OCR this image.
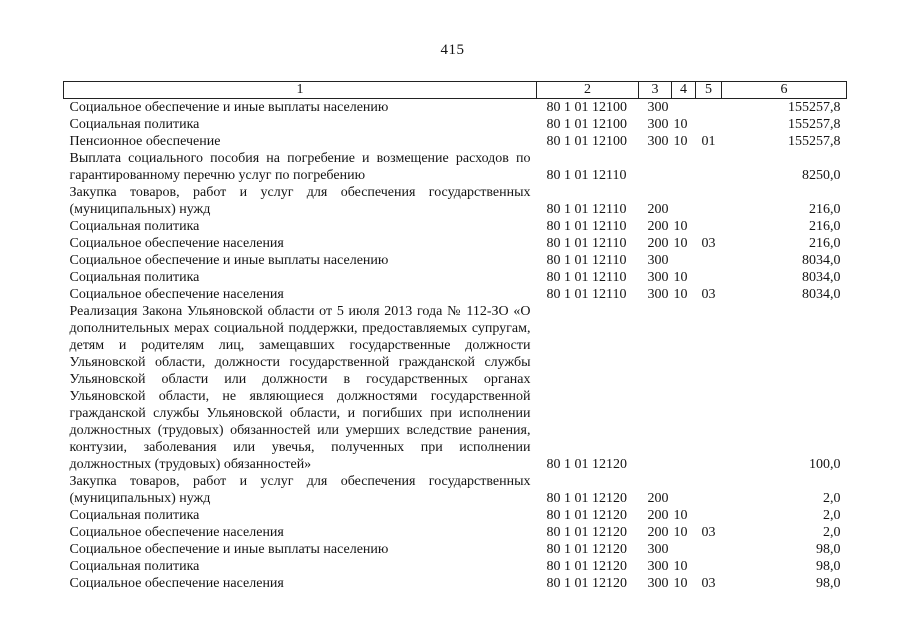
415
1	2	3	4	5	6
Социальное обеспечение и иные выплаты населению	80 1 01 12100	300			155257,8
Социальная политика	80 1 01 12100	300	10		155257,8
Пенсионное обеспечение	80 1 01 12100	300	10	01	155257,8
Выплата социального пособия на погребение и возмещение расходов по гарантированному перечню услуг по погребению	80 1 01 12110				8250,0
Закупка товаров, работ и услуг для обеспечения государственных (муниципальных) нужд	80 1 01 12110	200			216,0
Социальная политика	80 1 01 12110	200	10		216,0
Социальное обеспечение населения	80 1 01 12110	200	10	03	216,0
Социальное обеспечение и иные выплаты населению	80 1 01 12110	300			8034,0
Социальная политика	80 1 01 12110	300	10		8034,0
Социальное обеспечение населения	80 1 01 12110	300	10	03	8034,0
Реализация Закона Ульяновской области от 5 июля 2013 года № 112-ЗО «О дополнительных мерах социальной поддержки, предоставляемых супругам, детям и родителям лиц, замещавших государственные должности Ульяновской области, должности государственной гражданской службы Ульяновской области или должности в государственных органах Ульяновской области, не являющиеся должностями государственной гражданской службы Ульяновской области, и погибших при исполнении должностных (трудовых) обязанностей или умерших вследствие ранения, контузии, заболевания или увечья, полученных при исполнении должностных (трудовых) обязанностей»	80 1 01 12120				100,0
Закупка товаров, работ и услуг для обеспечения государственных (муниципальных) нужд	80 1 01 12120	200			2,0
Социальная политика	80 1 01 12120	200	10		2,0
Социальное обеспечение населения	80 1 01 12120	200	10	03	2,0
Социальное обеспечение и иные выплаты населению	80 1 01 12120	300			98,0
Социальная политика	80 1 01 12120	300	10		98,0
Социальное обеспечение населения	80 1 01 12120	300	10	03	98,0
